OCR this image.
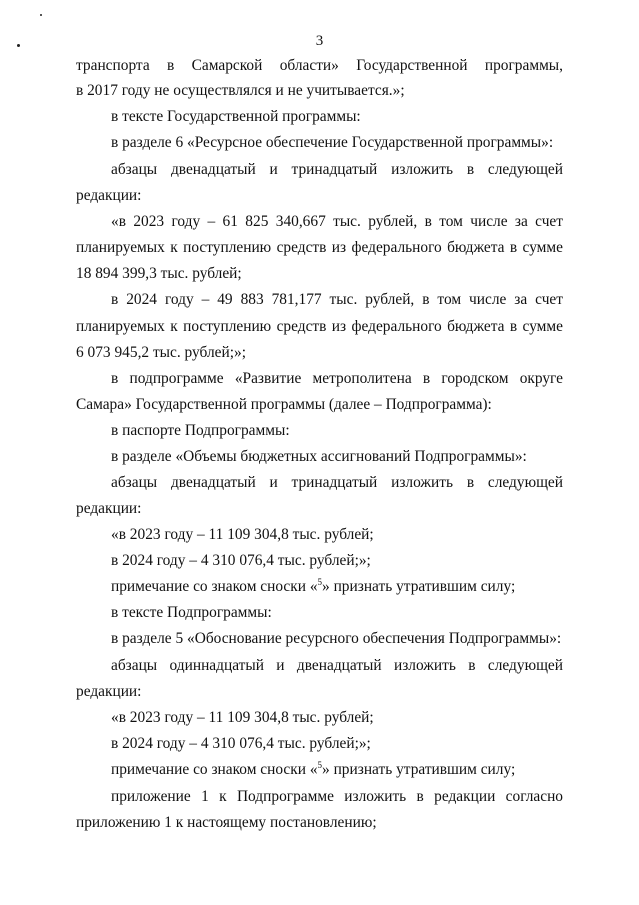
3
транспорта в Самарской области» Государственной программы,
в 2017 году не осуществлялся и не учитывается.»;
в тексте Государственной программы:
в разделе 6 «Ресурсное обеспечение Государственной программы»:
абзацы двенадцатый и тринадцатый изложить в следующей
редакции:
«в 2023 году – 61 825 340,667 тыс. рублей, в том числе за счет
планируемых к поступлению средств из федерального бюджета в сумме
18 894 399,3 тыс. рублей;
в 2024 году – 49 883 781,177 тыс. рублей, в том числе за счет
планируемых к поступлению средств из федерального бюджета в сумме
6 073 945,2 тыс. рублей;»;
в подпрограмме «Развитие метрополитена в городском округе
Самара» Государственной программы (далее – Подпрограмма):
в паспорте Подпрограммы:
в разделе «Объемы бюджетных ассигнований Подпрограммы»:
абзацы двенадцатый и тринадцатый изложить в следующей
редакции:
«в 2023 году – 11 109 304,8 тыс. рублей;
в 2024 году – 4 310 076,4 тыс. рублей;»;
примечание со знаком сноски «$^5$» признать утратившим силу;
в тексте Подпрограммы:
в разделе 5 «Обоснование ресурсного обеспечения Подпрограммы»:
абзацы одиннадцатый и двенадцатый изложить в следующей
редакции:
«в 2023 году – 11 109 304,8 тыс. рублей;
в 2024 году – 4 310 076,4 тыс. рублей;»;
примечание со знаком сноски «$^5$» признать утратившим силу;
приложение 1 к Подпрограмме изложить в редакции согласно
приложению 1 к настоящему постановлению;
